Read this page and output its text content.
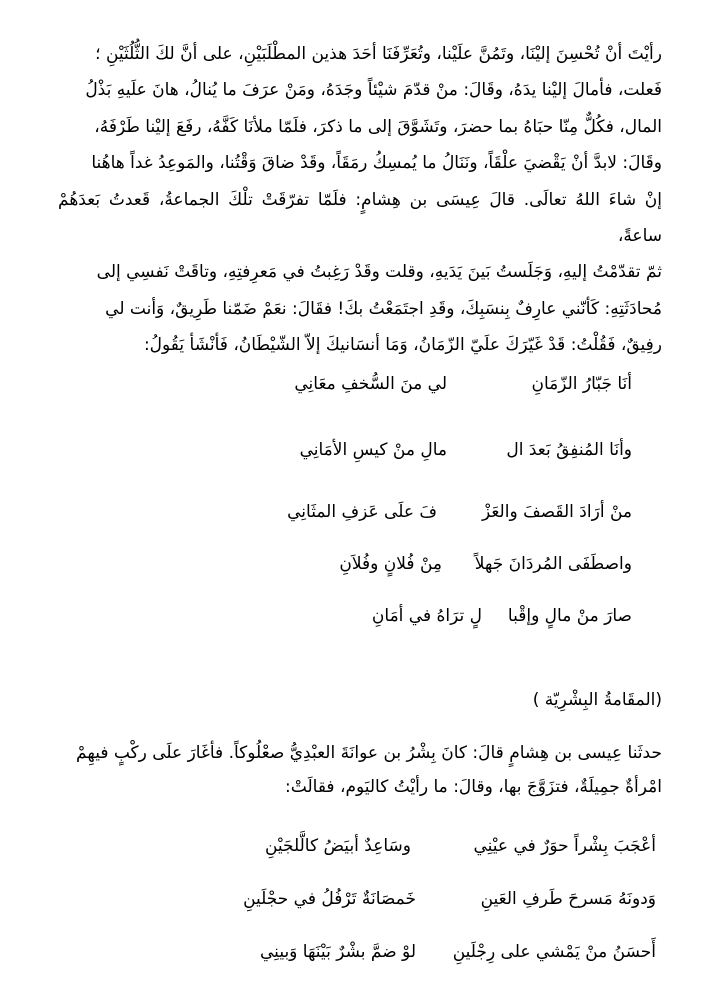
رأيْتَ أنْ تُحْسِنَ إليْنَا، وتَمُنَّ علَيْنا، وتُعَرِّفَنَا أحَدَ هذين المطْلَبَيْنِ، على أنَّ لكَ الثُّلُثَيْنِ ؛

فَعلت، فأمالَ إليْنا يدَهُ، وقَالَ: منْ قدّمَ شيْئاً وجَدَهُ، ومَنْ عرَفَ ما يُنالُ، هانَ علَيهِ بَذْلُ

المال، فكُلٌّ مِنّا حبَاهُ بما حضرَ، وتَشَوَّقَ إلى ما ذكرَ، فلَمّا ملأنَا كَفَّهُ، رفَعَ إليْنا طَرْفَهُ،

وقَالَ: لابدَّ أنْ يَقْضيَ علْقَاً، ونَنَالُ ما يُمسِكُ رمَقَاً، وقَدْ ضاقَ وَقْتُنا، والمَوعِدُ غداً هاهُنا

إنْ شاءَ اللهُ تعالَى. قالَ عِيسَى بن هِشامٍ: فلَمّا تفرّقَتْ تلْكَ الجماعةُ، قَعدتُ بَعدَهُمْ ساعةً،

ثمّ تقدّمْتُ إليهِ، وَجَلَستُ بَينَ يَدَيهِ، وقلت وقَدْ رَغِبتُ في مَعرِفتِهِ، وتاقَتْ نَفسِي إلى

مُحادَثَتِهِ: كَأنّني عارِفٌ بِنسَبِكَ، وقَدِ اجتَمَعْتُ بكَ! فقَالَ: نعَمْ ضَمّنا طَرِيقٌ، وَأنت لي

رفِيقٌ، فَقُلْتُ: قَدْ غَيّرَكَ علَيّ الزّمَانُ، وَمَا أنسَانيكَ إلاّ الشّيْطَانُ، فَأنْشَأ يَقُولُ:

أنَا جَبّارُ الزّمَانِ
لي منَ السُّخفِ معَانِي
وأنَا المُنفِقُ بَعدَ ال
مالِ منْ كيسِ الأمَانِي
منْ أرَادَ القَصفَ والعَزْ
فَ علَى عَزفِ المثَانِي
واصطَفَى المُردَانَ جَهلاً
مِنْ فُلانٍ وفُلاَنِ
صارَ منْ مالٍ وإقْبا
لٍ ترَاهُ في أمَانِ
(المقَامةُ البِشْرِيّة )

حدثَنا عِيسى بن هِشامٍ قالَ: كانَ بِشْرُ بن عوانَةَ العبْدِيُّ صعْلُوكاً. فأغَارَ علَى ركْبٍ فيهِمْ

امْرأةٌ جمِيلَةٌ، فتزَوَّجَ بها، وقالَ: ما رأيْتُ كاليَوم، فقالَتْ:

أعْجَبَ بِشْراً حوَرٌ في عيْنِي
وسَاعِدٌ أبيَضُ كالَّلجَيْنِ
وَدونَهُ مَسرحَ طَرفِ العَينِ
خَمصَانَةٌ تَرْفُلُ في حجْلَينِ
أَحسَنُ منْ يَمْشي على رِجْلَينِ
لوْ ضمَّ بشْرٌ بَيْنَهَا وَبينِي
